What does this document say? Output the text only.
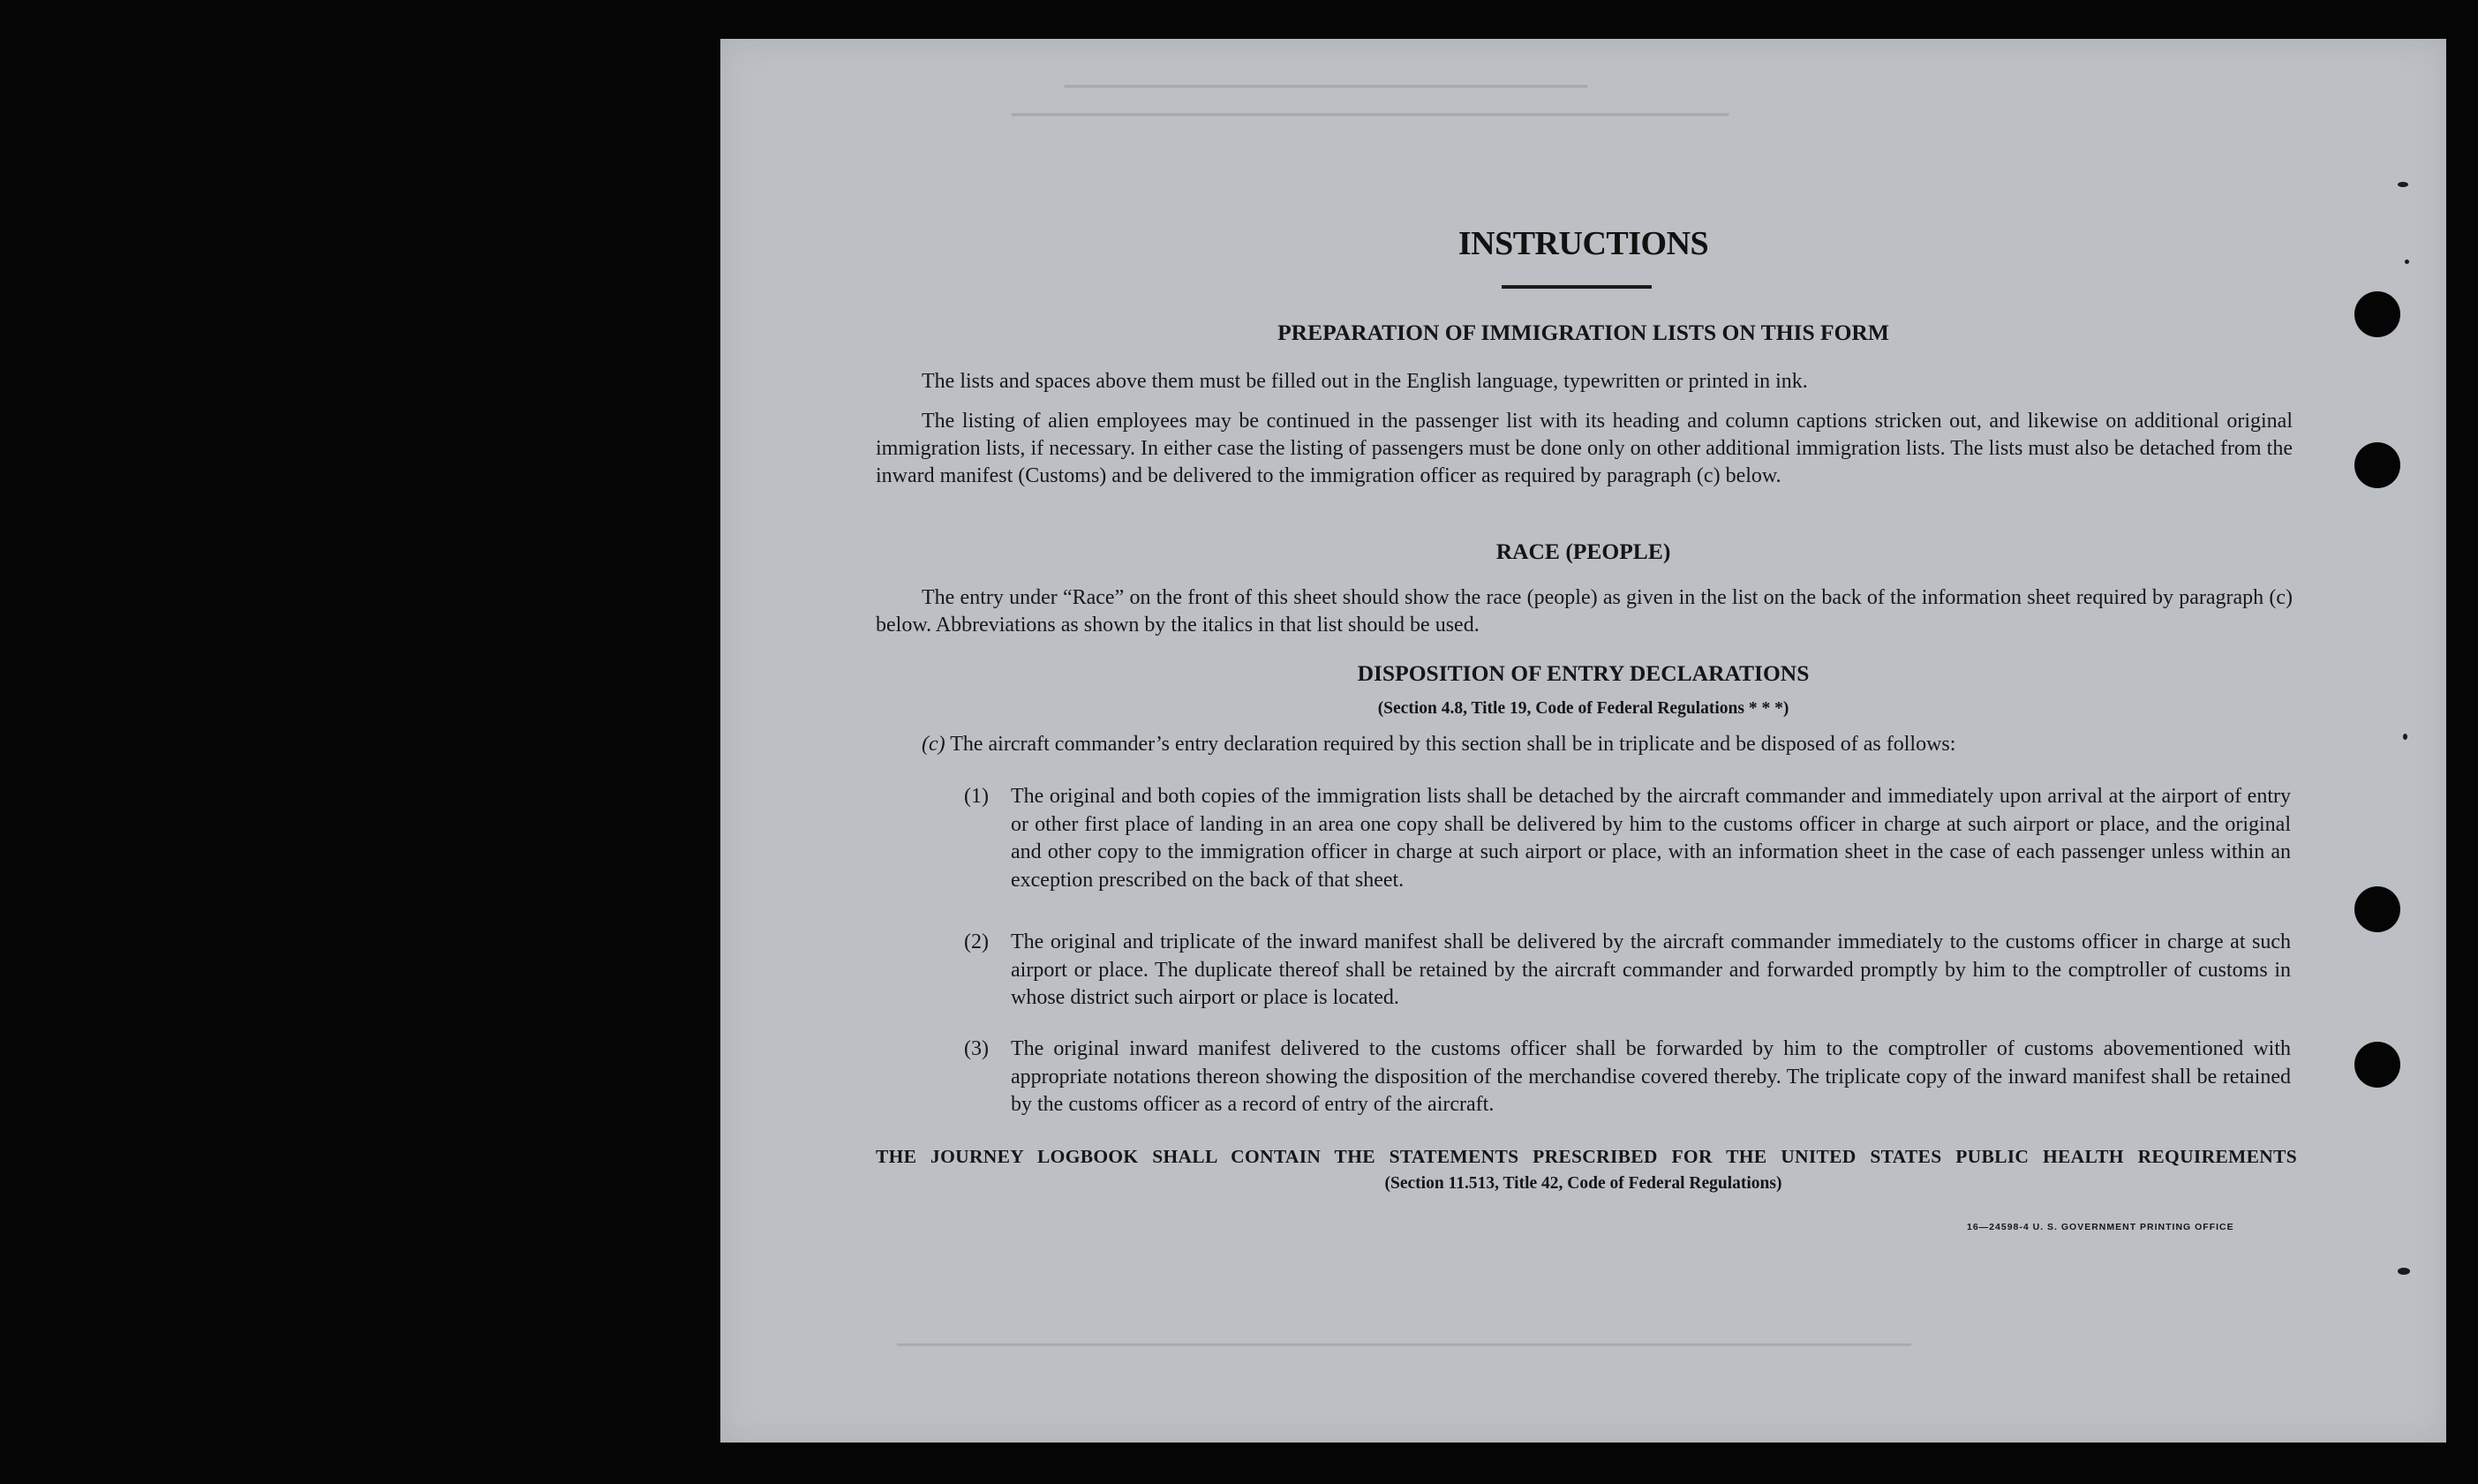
▁▁▁▁▁▁▁▁▁▁▁▁▁▁▁▁▁▁▁▁▁▁▁▁▁▁▁▁▁▁▁▁▁▁▁
▁▁▁▁▁▁▁▁▁▁▁▁▁▁▁▁▁▁▁▁▁▁▁▁▁▁▁▁▁▁▁▁▁▁▁▁▁▁▁▁▁▁▁▁▁▁▁▁
▁▁▁▁▁▁▁▁▁▁▁▁▁▁▁▁▁▁▁▁▁▁▁▁▁▁▁▁▁▁▁▁▁▁▁▁▁▁▁▁▁▁▁▁▁▁▁▁▁▁▁▁▁▁▁▁▁▁▁▁▁▁▁▁▁▁▁▁▁▁▁▁▁▁▁▁▁▁▁▁▁▁▁
INSTRUCTIONS
PREPARATION OF IMMIGRATION LISTS ON THIS FORM
The lists and spaces above them must be filled out in the English language, typewritten or printed in ink.
The listing of alien employees may be continued in the passenger list with its heading and column captions stricken out, and likewise on additional original immigration lists, if necessary. In either case the listing of passengers must be done only on other additional immigration lists. The lists must also be detached from the inward manifest (Customs) and be delivered to the immigration officer as required by paragraph (c) below.
RACE (PEOPLE)
The entry under “Race” on the front of this sheet should show the race (people) as given in the list on the back of the information sheet required by paragraph (c) below. Abbreviations as shown by the italics in that list should be used.
DISPOSITION OF ENTRY DECLARATIONS
(Section 4.8, Title 19, Code of Federal Regulations * * *)
(c) The aircraft commander’s entry declaration required by this section shall be in triplicate and be disposed of as follows:
(1) The original and both copies of the immigration lists shall be detached by the aircraft commander and immediately upon arrival at the airport of entry or other first place of landing in an area one copy shall be delivered by him to the customs officer in charge at such airport or place, and the original and other copy to the immigration officer in charge at such airport or place, with an information sheet in the case of each passenger unless within an exception prescribed on the back of that sheet.
(2) The original and triplicate of the inward manifest shall be delivered by the aircraft commander immediately to the customs officer in charge at such airport or place. The duplicate thereof shall be retained by the aircraft commander and forwarded promptly by him to the comptroller of customs in whose district such airport or place is located.
(3) The original inward manifest delivered to the customs officer shall be forwarded by him to the comptroller of customs abovementioned with appropriate notations thereon showing the disposition of the merchandise covered thereby. The triplicate copy of the inward manifest shall be retained by the customs officer as a record of entry of the aircraft.
THE JOURNEY LOGBOOK SHALL CONTAIN THE STATEMENTS PRESCRIBED FOR THE UNITED STATES PUBLIC HEALTH REQUIREMENTS
(Section 11.513, Title 42, Code of Federal Regulations)
16—24598-4 U. S. GOVERNMENT PRINTING OFFICE
